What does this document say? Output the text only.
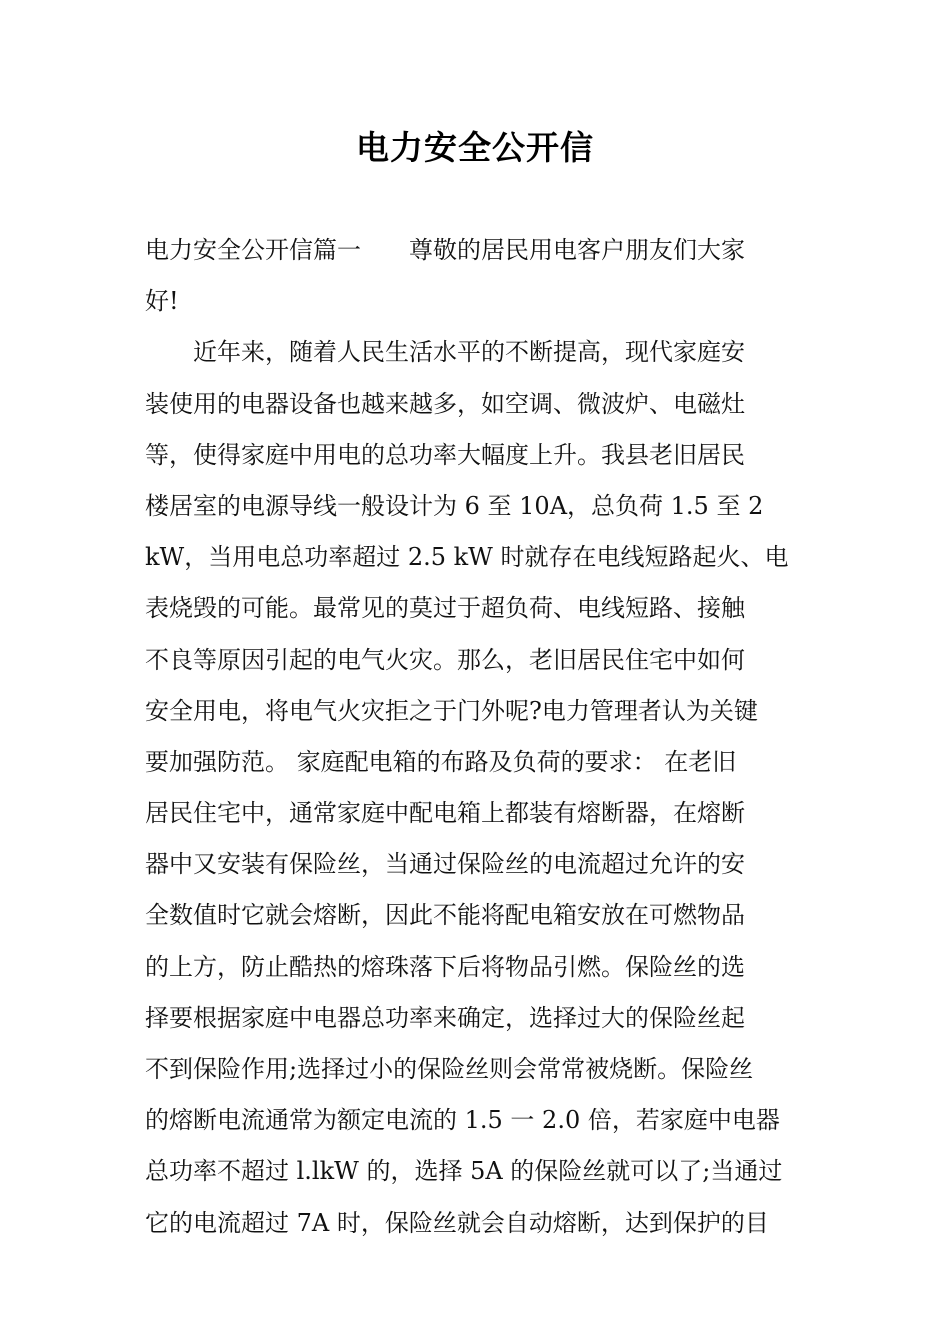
电力安全公开信
电力安全公开信篇一　　尊敬的居民用电客户朋友们大家
好!
　　近年来，随着人民生活水平的不断提高，现代家庭安
装使用的电器设备也越来越多，如空调、微波炉、电磁灶
等，使得家庭中用电的总功率大幅度上升。我县老旧居民
楼居室的电源导线一般设计为 6 至 10A，总负荷 1.5 至 2
kW，当用电总功率超过 2.5 kW 时就存在电线短路起火、电
表烧毁的可能。最常见的莫过于超负荷、电线短路、接触
不良等原因引起的电气火灾。那么，老旧居民住宅中如何
安全用电，将电气火灾拒之于门外呢?电力管理者认为关键
要加强防范。 家庭配电箱的布路及负荷的要求： 在老旧
居民住宅中，通常家庭中配电箱上都装有熔断器，在熔断
器中又安装有保险丝，当通过保险丝的电流超过允许的安
全数值时它就会熔断，因此不能将配电箱安放在可燃物品
的上方，防止酷热的熔珠落下后将物品引燃。保险丝的选
择要根据家庭中电器总功率来确定，选择过大的保险丝起
不到保险作用;选择过小的保险丝则会常常被烧断。保险丝
的熔断电流通常为额定电流的 1.5 一 2.0 倍，若家庭中电器
总功率不超过 l.lkW 的，选择 5A 的保险丝就可以了;当通过
它的电流超过 7A 时，保险丝就会自动熔断，达到保护的目
